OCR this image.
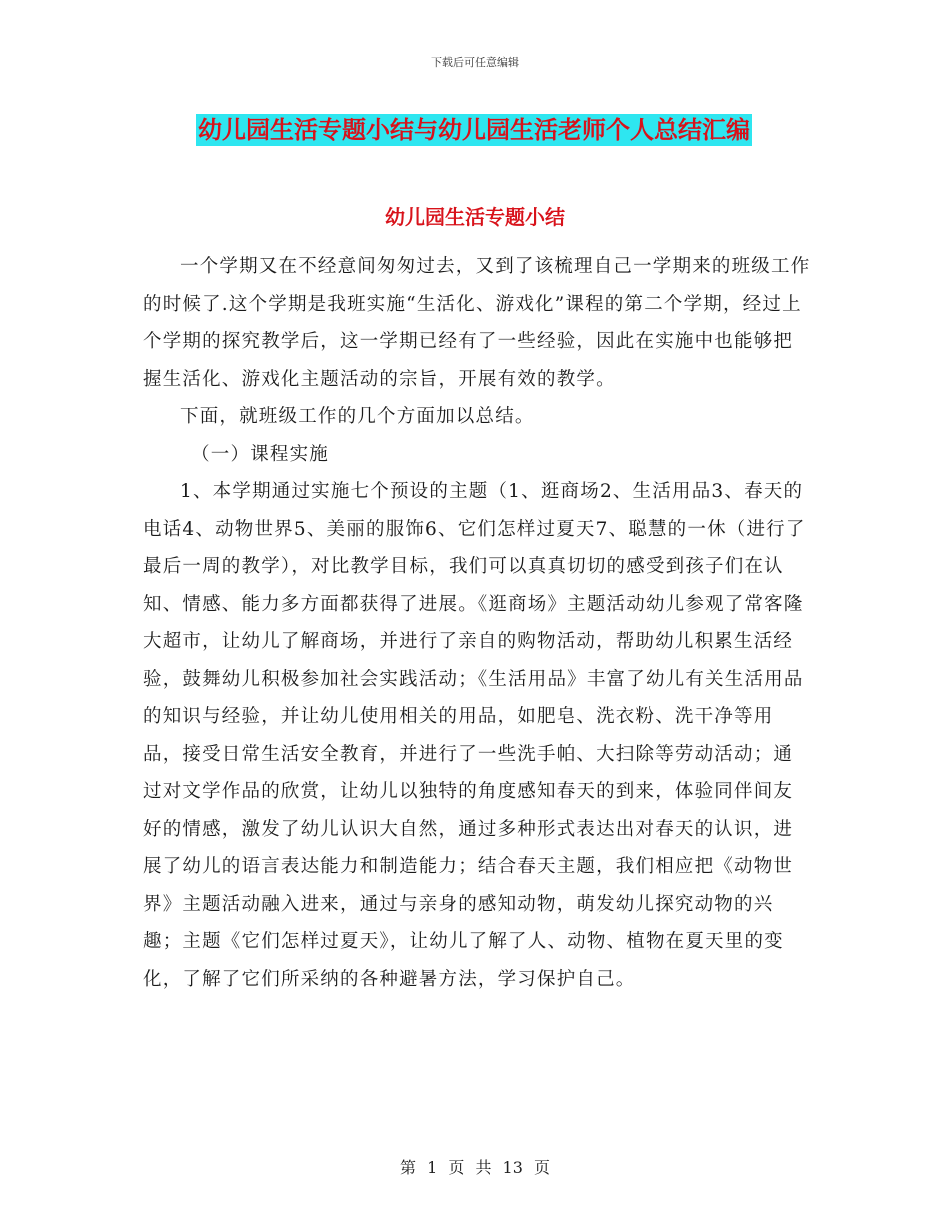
下载后可任意编辑
幼儿园生活专题小结与幼儿园生活老师个人总结汇编
幼儿园生活专题小结

一个学期又在不经意间匆匆过去，又到了该梳理自己一学期来的班级工作的时候了.这个学期是我班实施“生活化、游戏化”课程的第二个学期，经过上个学期的探究教学后，这一学期已经有了一些经验，因此在实施中也能够把握生活化、游戏化主题活动的宗旨，开展有效的教学。

下面，就班级工作的几个方面加以总结。

（一）课程实施

1、本学期通过实施七个预设的主题（1、逛商场2、生活用品3、春天的电话4、动物世界5、美丽的服饰6、它们怎样过夏天7、聪慧的一休（进行了最后一周的教学），对比教学目标，我们可以真真切切的感受到孩子们在认知、情感、能力多方面都获得了进展。《逛商场》主题活动幼儿参观了常客隆大超市，让幼儿了解商场，并进行了亲自的购物活动，帮助幼儿积累生活经验，鼓舞幼儿积极参加社会实践活动；《生活用品》丰富了幼儿有关生活用品的知识与经验，并让幼儿使用相关的用品，如肥皂、洗衣粉、洗干净等用品，接受日常生活安全教育，并进行了一些洗手帕、大扫除等劳动活动；通过对文学作品的欣赏，让幼儿以独特的角度感知春天的到来，体验同伴间友好的情感，激发了幼儿认识大自然，通过多种形式表达出对春天的认识，进展了幼儿的语言表达能力和制造能力；结合春天主题，我们相应把《动物世界》主题活动融入进来，通过与亲身的感知动物，萌发幼儿探究动物的兴趣；主题《它们怎样过夏天》，让幼儿了解了人、动物、植物在夏天里的变化，了解了它们所采纳的各种避暑方法，学习保护自己。

第 1 页 共 13 页
